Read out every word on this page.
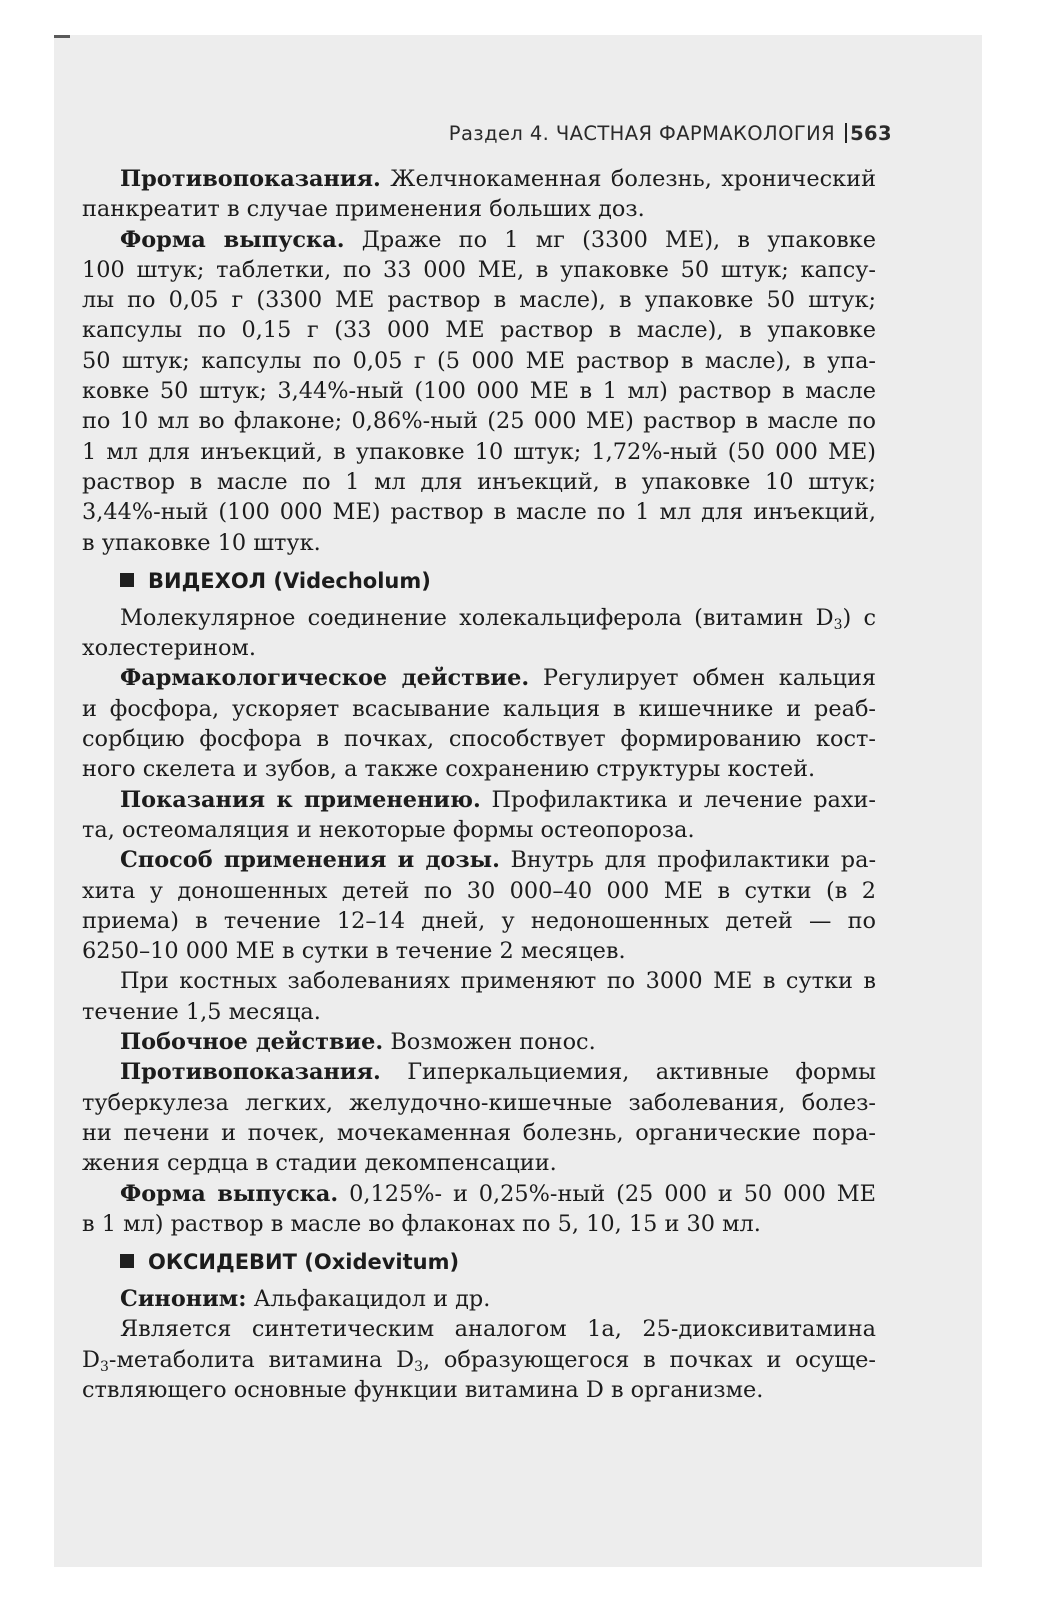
Раздел 4. ЧАСТНАЯ ФАРМАКОЛОГИЯ 563
Противопоказания. Желчнокаменная болезнь, хронический
панкреатит в случае применения больших доз.
Форма выпуска. Драже по 1 мг (3300 МЕ), в упаковке
100 штук; таблетки, по 33 000 МЕ, в упаковке 50 штук; капсу-
лы по 0,05 г (3300 МЕ раствор в масле), в упаковке 50 штук;
капсулы по 0,15 г (33 000 МЕ раствор в масле), в упаковке
50 штук; капсулы по 0,05 г (5 000 МЕ раствор в масле), в упа-
ковке 50 штук; 3,44%-ный (100 000 МЕ в 1 мл) раствор в масле
по 10 мл во флаконе; 0,86%-ный (25 000 МЕ) раствор в масле по
1 мл для инъекций, в упаковке 10 штук; 1,72%-ный (50 000 МЕ)
раствор в масле по 1 мл для инъекций, в упаковке 10 штук;
3,44%-ный (100 000 МЕ) раствор в масле по 1 мл для инъекций,
в упаковке 10 штук.
ВИДЕХОЛ (Videcholum)
Молекулярное соединение холекальциферола (витамин $D_3$) с
холестерином.
Фармакологическое действие. Регулирует обмен кальция
и фосфора, ускоряет всасывание кальция в кишечнике и реаб-
сорбцию фосфора в почках, способствует формированию кост-
ного скелета и зубов, а также сохранению структуры костей.
Показания к применению. Профилактика и лечение рахи-
та, остеомаляция и некоторые формы остеопороза.
Способ применения и дозы. Внутрь для профилактики ра-
хита у доношенных детей по 30 000–40 000 МЕ в сутки (в 2
приема) в течение 12–14 дней, у недоношенных детей — по
6250–10 000 МЕ в сутки в течение 2 месяцев.
При костных заболеваниях применяют по 3000 МЕ в сутки в
течение 1,5 месяца.
Побочное действие. Возможен понос.
Противопоказания. Гиперкальциемия, активные формы
туберкулеза легких, желудочно-кишечные заболевания, болез-
ни печени и почек, мочекаменная болезнь, органические пора-
жения сердца в стадии декомпенсации.
Форма выпуска. 0,125%- и 0,25%-ный (25 000 и 50 000 МЕ
в 1 мл) раствор в масле во флаконах по 5, 10, 15 и 30 мл.
ОКСИДЕВИТ (Oxidevitum)
Синоним: Альфакацидол и др.
Является синтетическим аналогом 1а, 25-диоксивитамина
$D_3$-метаболита витамина $D_3$, образующегося в почках и осуще-
ствляющего основные функции витамина D в организме.
